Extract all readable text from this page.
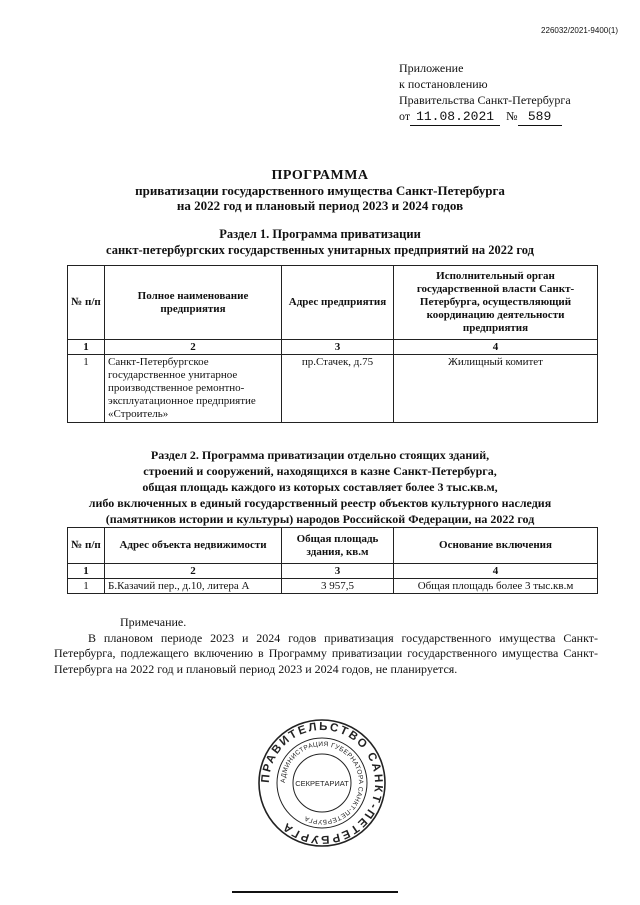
226032/2021-9400(1)
Приложение
к постановлению
Правительства Санкт-Петербурга
от 11.08.2021	№ 589
ПРОГРАММА
приватизации государственного имущества Санкт-Петербурга
на 2022 год и плановый период 2023 и 2024 годов
Раздел 1. Программа приватизации
санкт-петербургских государственных унитарных предприятий на 2022 год
№ п/п	Полное наименование предприятия	Адрес предприятия	Исполнительный орган государственной власти Санкт-Петербурга, осуществляющий координацию деятельности предприятия
1	2	3	4
1	Санкт-Петербургское государственное унитарное производственное ремонтно-эксплуатационное предприятие «Строитель»	пр.Стачек, д.75	Жилищный комитет
Раздел 2. Программа приватизации отдельно стоящих зданий,
строений и сооружений, находящихся в казне Санкт-Петербурга,
общая площадь каждого из которых составляет более 3 тыс.кв.м,
либо включенных в единый государственный реестр объектов культурного наследия
(памятников истории и культуры) народов Российской Федерации, на 2022 год
№ п/п	Адрес объекта недвижимости	Общая площадь здания, кв.м	Основание включения
1	2	3	4
1	Б.Казачий пер., д.10, литера А	3 957,5	Общая площадь более 3 тыс.кв.м

Примечание.

В плановом периоде 2023 и 2024 годов приватизация государственного имущества Санкт-Петербурга, подлежащего включению в Программу приватизации государственного имущества Санкт-Петербурга на 2022 год и плановый период 2023 и 2024 годов, не планируется.

ПРАВИТЕЛЬСТВО САНКТ-ПЕТЕРБУРГА
АДМИНИСТРАЦИЯ ГУБЕРНАТОРА САНКТ-ПЕТЕРБУРГА
СЕКРЕТАРИАТ
